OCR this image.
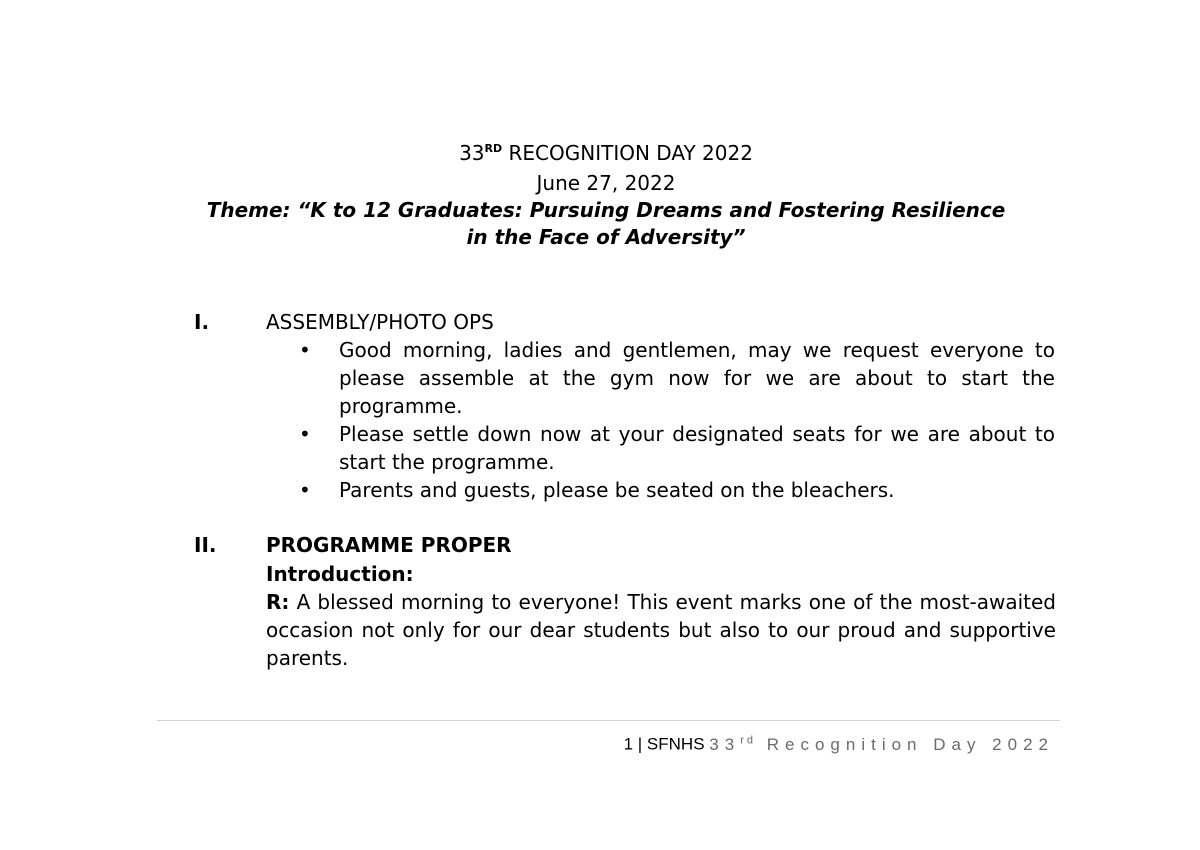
33RD RECOGNITION DAY 2022
June 27, 2022
Theme: “K to 12 Graduates: Pursuing Dreams and Fostering Resilience
in the Face of Adversity”
I.	ASSEMBLY/PHOTO OPS
• Good morning, ladies and gentlemen, may we request everyone to please assemble at the gym now for we are about to start the programme.
• Please settle down now at your designated seats for we are about to start the programme.
• Parents and guests, please be seated on the bleachers.
II. PROGRAMME PROPER
Introduction:
R: A blessed morning to everyone! This event marks one of the most-awaited occasion not only for our dear students but also to our proud and supportive parents.
1 | SFNHS 33rd Recognition Day 2022
